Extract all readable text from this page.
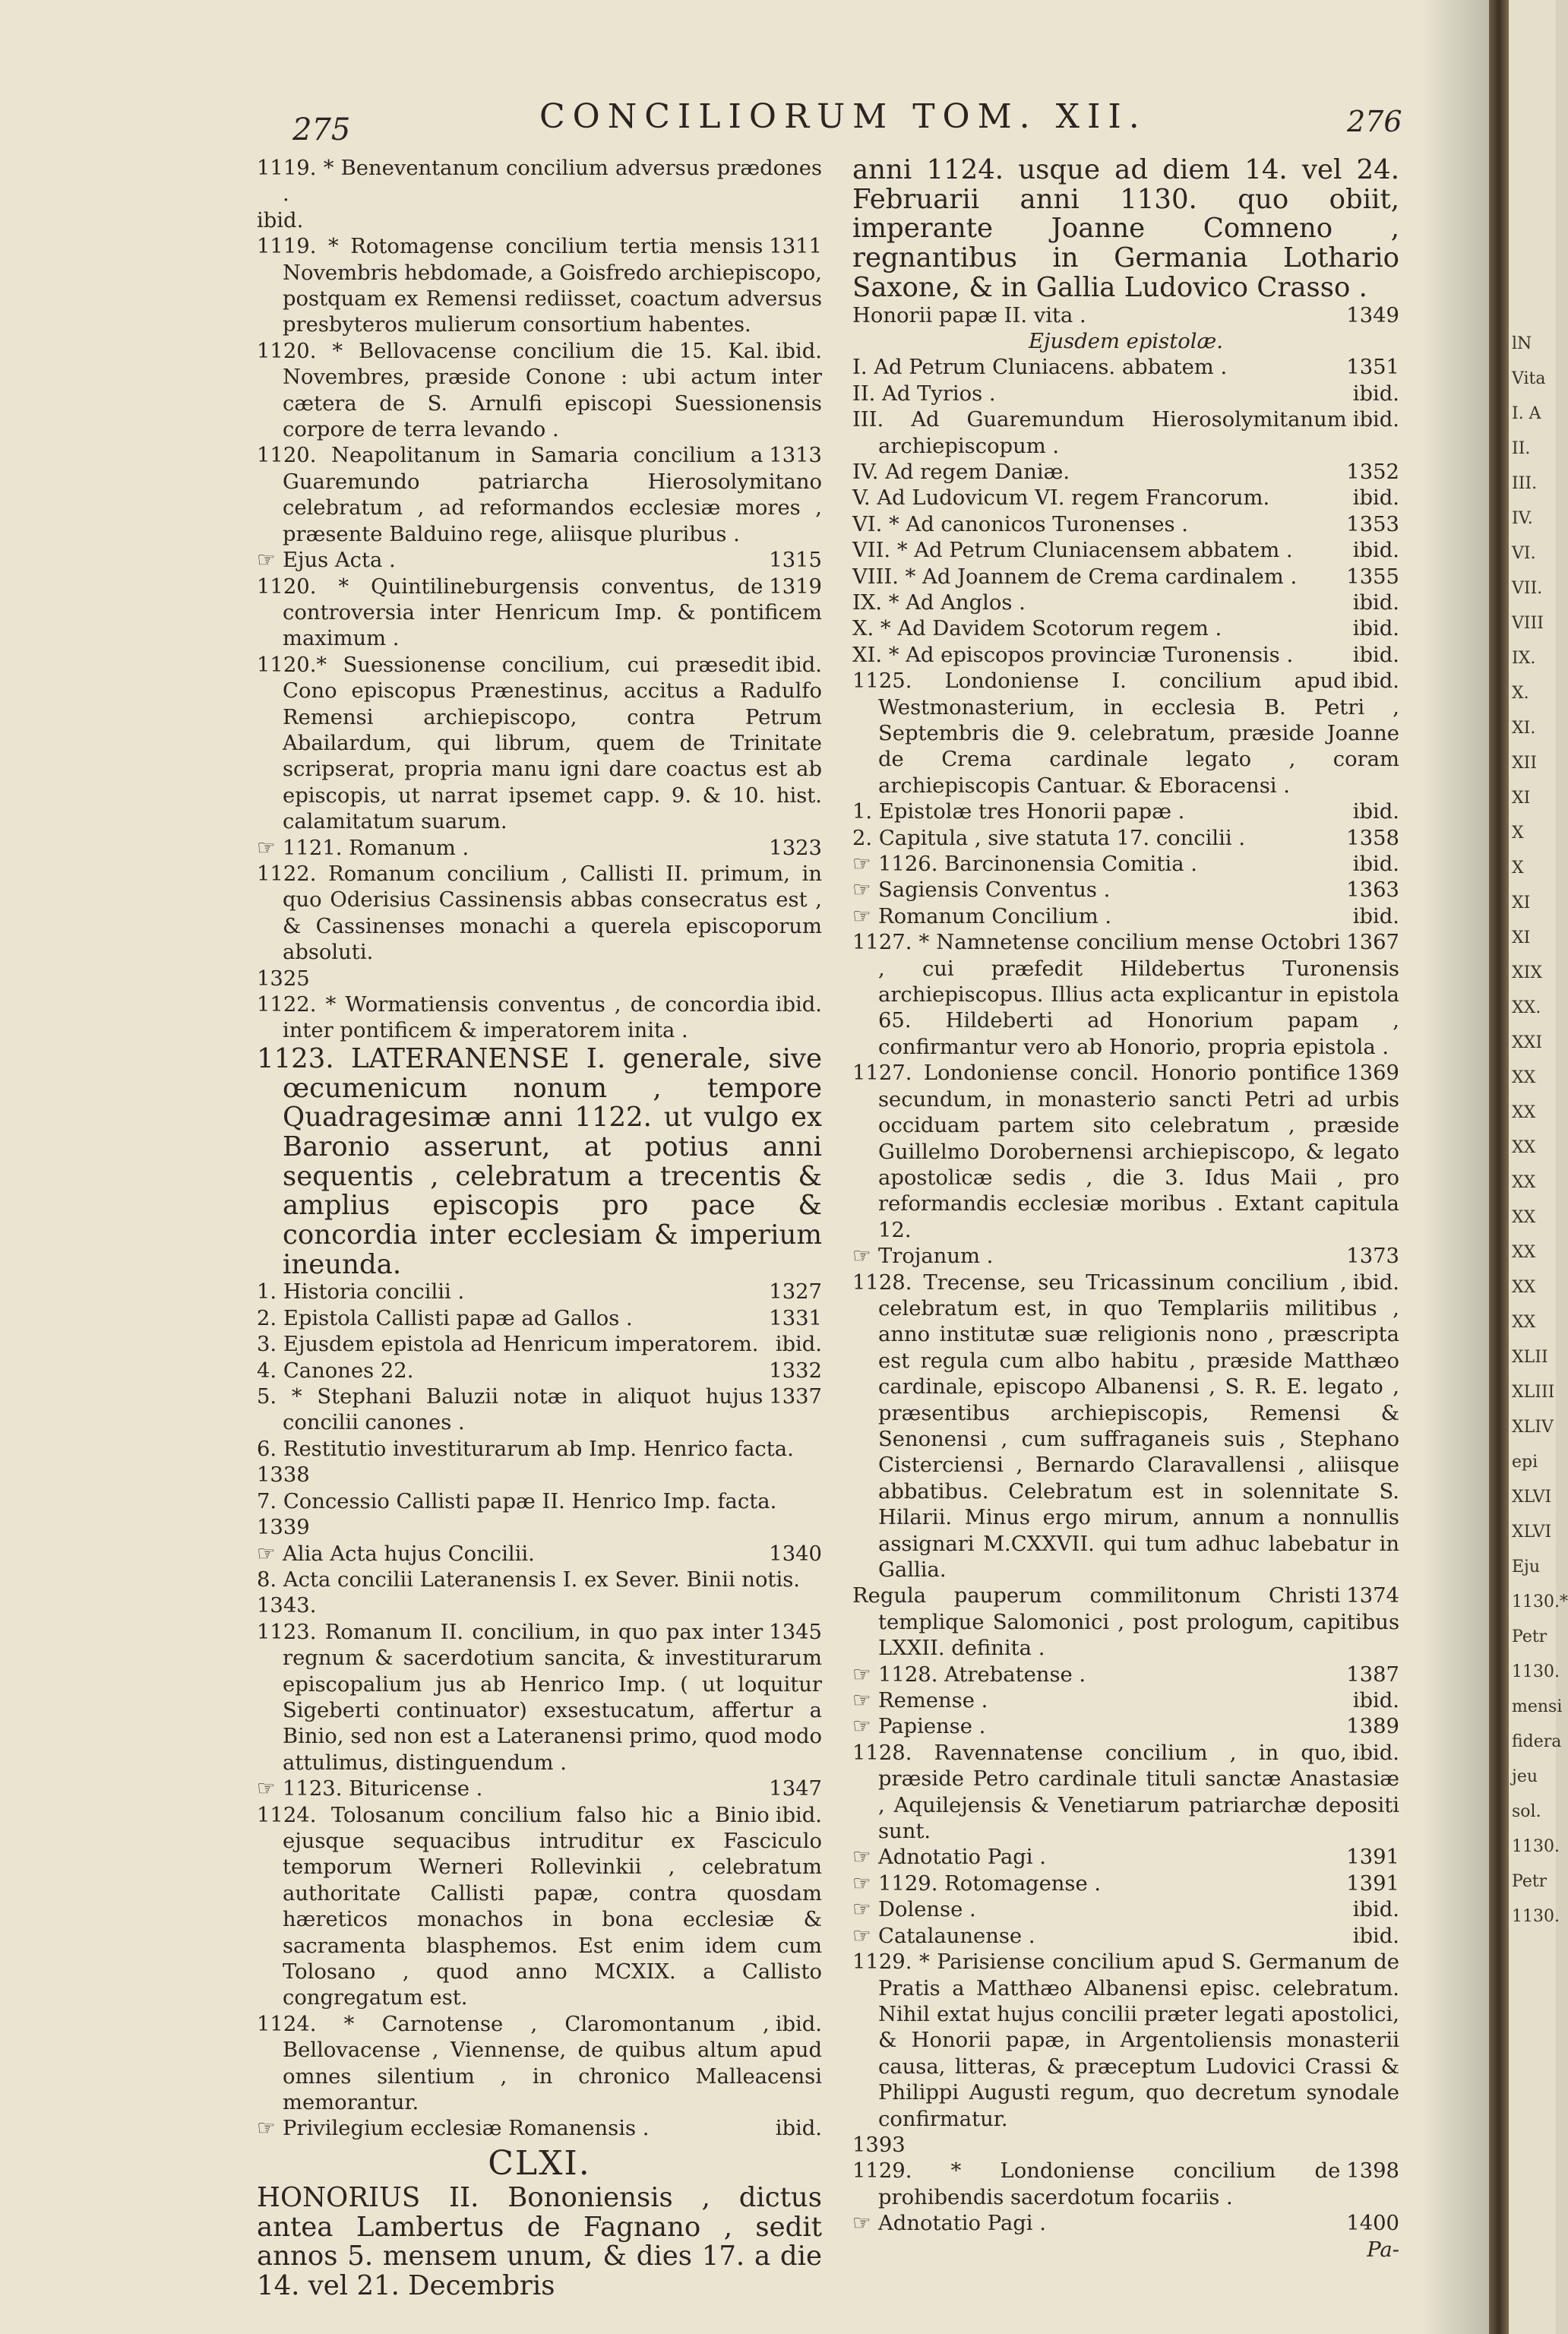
275	CONCILIORUM TOM. XII.	276
1119. * Beneventanum concilium adversus prædones .
ibid.
1311
1119. * Rotomagense concilium tertia mensis Novembris hebdomade, a Goisfredo archiepiscopo, postquam ex Remensi rediisset, coactum adversus presbyteros mulierum consortium habentes.
ibid.
1120. * Bellovacense concilium die 15. Kal. Novembres, præside Conone : ubi actum inter cætera de S. Arnulfi episcopi Suessionensis corpore de terra levando .
1313
1120. Neapolitanum in Samaria concilium a Guaremundo patriarcha Hierosolymitano celebratum , ad reformandos ecclesiæ mores , præsente Balduino rege, aliisque pluribus .
1315
☞ Ejus Acta .
1319
1120. * Quintilineburgensis conventus, de controversia inter Henricum Imp. & pontificem maximum .
ibid.
1120.* Suessionense concilium, cui præsedit Cono episcopus Prænestinus, accitus a Radulfo Remensi archiepiscopo, contra Petrum Abailardum, qui librum, quem de Trinitate scripserat, propria manu igni dare coactus est ab episcopis, ut narrat ipsemet capp. 9. & 10. hist. calamitatum suarum.
1323
☞ 1121. Romanum .
1122. Romanum concilium , Callisti II. primum, in quo Oderisius Cassinensis abbas consecratus est , & Cassinenses monachi a querela episcoporum absoluti.
1325
ibid.
1122. * Wormatiensis conventus , de concordia inter pontificem & imperatorem inita .
1123. LATERANENSE I. generale, sive œcumenicum nonum , tempore Quadragesimæ anni 1122. ut vulgo ex Baronio asserunt, at potius anni sequentis , celebratum a trecentis & amplius episcopis pro pace & concordia inter ecclesiam & imperium ineunda.
1327
1. Historia concilii .
1331
2. Epistola Callisti papæ ad Gallos .
ibid.
3. Ejusdem epistola ad Henricum imperatorem.
1332
4. Canones 22.
1337
5. * Stephani Baluzii notæ in aliquot hujus concilii canones .
6. Restitutio investiturarum ab Imp. Henrico facta.
1338
7. Concessio Callisti papæ II. Henrico Imp. facta.
1339
1340
☞ Alia Acta hujus Concilii.
8. Acta concilii Lateranensis I. ex Sever. Binii notis.
1343.
1345
1123. Romanum II. concilium, in quo pax inter regnum & sacerdotium sancita, & investiturarum episcopalium jus ab Henrico Imp. ( ut loquitur Sigeberti continuator) exsestucatum, affertur a Binio, sed non est a Lateranensi primo, quod modo attulimus, distinguendum .
1347
☞ 1123. Bituricense .
ibid.
1124. Tolosanum concilium falso hic a Binio ejusque sequacibus intruditur ex Fasciculo temporum Werneri Rollevinkii , celebratum authoritate Callisti papæ, contra quosdam hæreticos monachos in bona ecclesiæ & sacramenta blasphemos. Est enim idem cum Tolosano , quod anno MCXIX. a Callisto congregatum est.
ibid.
1124. * Carnotense , Claromontanum , Bellovacense , Viennense, de quibus altum apud omnes silentium , in chronico Malleacensi memorantur.
ibid.
☞ Privilegium ecclesiæ Romanensis .
CLXI.
HONORIUS II. Bononiensis , dictus antea Lambertus de Fagnano , sedit annos 5. mensem unum, & dies 17. a die 14. vel 21. Decembris
anni 1124. usque ad diem 14. vel 24. Februarii anni 1130. quo obiit, imperante Joanne Comneno , regnantibus in Germania Lothario Saxone, & in Gallia Ludovico Crasso .
1349
Honorii papæ II. vita .
Ejusdem epistolæ.
1351
I. Ad Petrum Cluniacens. abbatem .
ibid.
II. Ad Tyrios .
ibid.
III. Ad Guaremundum Hierosolymitanum archiepiscopum .
1352
IV. Ad regem Daniæ.
ibid.
V. Ad Ludovicum VI. regem Francorum.
1353
VI. * Ad canonicos Turonenses .
ibid.
VII. * Ad Petrum Cluniacensem abbatem .
1355
VIII. * Ad Joannem de Crema cardinalem .
ibid.
IX. * Ad Anglos .
ibid.
X. * Ad Davidem Scotorum regem .
ibid.
XI. * Ad episcopos provinciæ Turonensis .
ibid.
1125. Londoniense I. concilium apud Westmonasterium, in ecclesia B. Petri , Septembris die 9. celebratum, præside Joanne de Crema cardinale legato , coram archiepiscopis Cantuar. & Eboracensi .
ibid.
1. Epistolæ tres Honorii papæ .
1358
2. Capitula , sive statuta 17. concilii .
ibid.
☞ 1126. Barcinonensia Comitia .
1363
☞ Sagiensis Conventus .
ibid.
☞ Romanum Concilium .
1367
1127. * Namnetense concilium mense Octobri , cui præfedit Hildebertus Turonensis archiepiscopus. Illius acta explicantur in epistola 65. Hildeberti ad Honorium papam , confirmantur vero ab Honorio, propria epistola .
1369
1127. Londoniense concil. Honorio pontifice secundum, in monasterio sancti Petri ad urbis occiduam partem sito celebratum , præside Guillelmo Dorobernensi archiepiscopo, & legato apostolicæ sedis , die 3. Idus Maii , pro reformandis ecclesiæ moribus . Extant capitula 12.
1373
☞ Trojanum .
ibid.
1128. Trecense, seu Tricassinum concilium , celebratum est, in quo Templariis militibus , anno institutæ suæ religionis nono , præscripta est regula cum albo habitu , præside Matthæo cardinale, episcopo Albanensi , S. R. E. legato , præsentibus archiepiscopis, Remensi & Senonensi , cum suffraganeis suis , Stephano Cisterciensi , Bernardo Claravallensi , aliisque abbatibus. Celebratum est in solennitate S. Hilarii. Minus ergo mirum, annum a nonnullis assignari M.CXXVII. qui tum adhuc labebatur in Gallia.
1374
Regula pauperum commilitonum Christi templique Salomonici , post prologum, capitibus LXXII. definita .
1387
☞ 1128. Atrebatense .
ibid.
☞ Remense .
1389
☞ Papiense .
ibid.
1128. Ravennatense concilium , in quo, præside Petro cardinale tituli sanctæ Anastasiæ , Aquilejensis & Venetiarum patriarchæ depositi sunt.
1391
☞ Adnotatio Pagi .
1391
☞ 1129. Rotomagense .
ibid.
☞ Dolense .
ibid.
☞ Catalaunense .
1129. * Parisiense concilium apud S. Germanum de Pratis a Matthæo Albanensi episc. celebratum. Nihil extat hujus concilii præter legati apostolici, & Honorii papæ, in Argentoliensis monasterii causa, litteras, & præceptum Ludovici Crassi & Philippi Augusti regum, quo decretum synodale confirmatur.
1393
1398
1129. * Londoniense concilium de prohibendis sacerdotum focariis .
1400
☞ Adnotatio Pagi .
Pa-
lN
Vita
I. A
II.
III.
IV.
VI.
VII.
VIII
IX.
X.
XI.
XII
XI
X
X
XI
XI
XIX
XX.
XXI
XX
XX
XX
XX
XX
XX
XX
XX
XLII
XLIII
XLIV
epi
XLVI
XLVI
Eju
1130.*
Petr
1130.
mensi
fidera
jeu
sol.
1130.
Petr
1130.
